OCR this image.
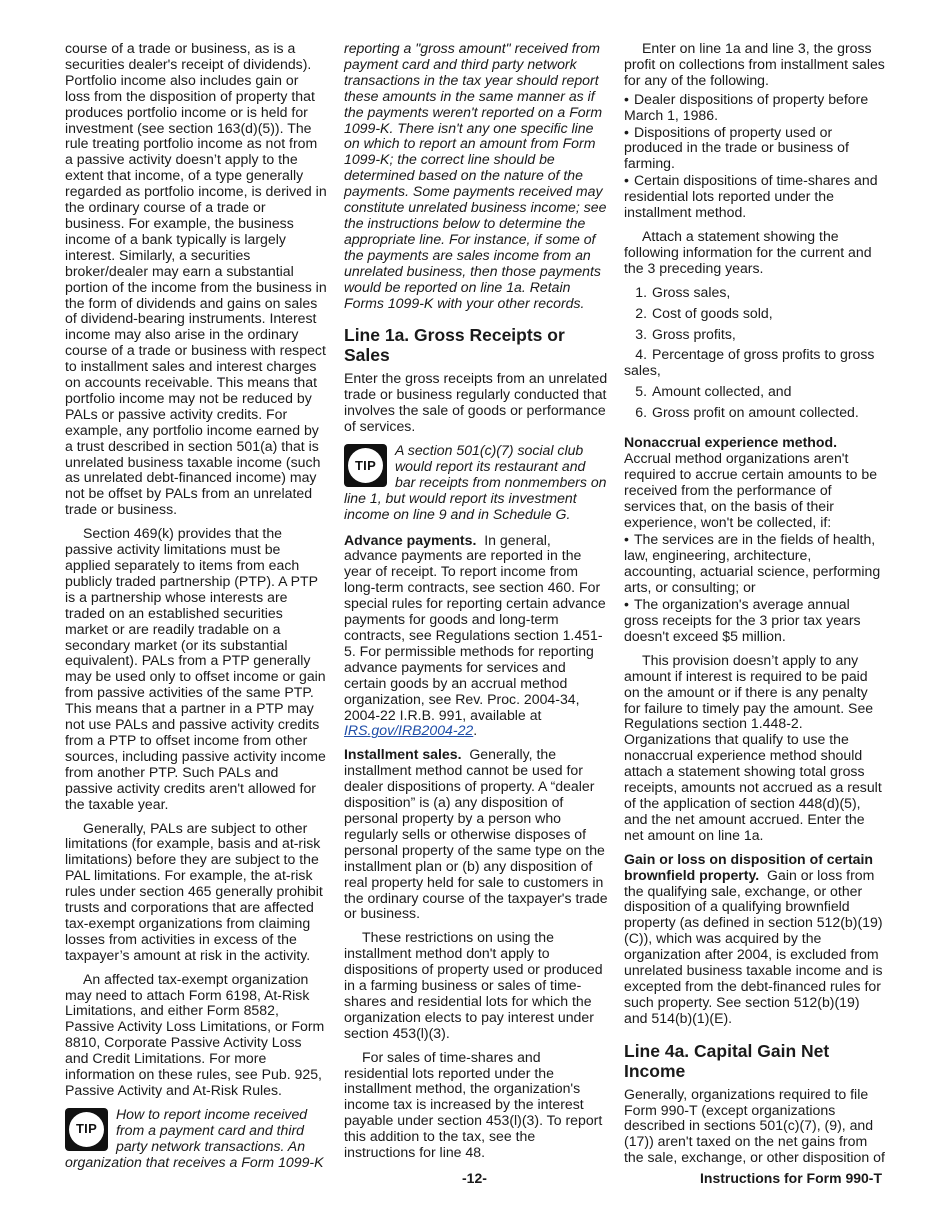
course of a trade or business, as is a securities dealer's receipt of dividends). Portfolio income also includes gain or loss from the disposition of property that produces portfolio income or is held for investment (see section 163(d)(5)). The rule treating portfolio income as not from a passive activity doesn’t apply to the extent that income, of a type generally regarded as portfolio income, is derived in the ordinary course of a trade or business. For example, the business income of a bank typically is largely interest. Similarly, a securities broker/dealer may earn a substantial portion of the income from the business in the form of dividends and gains on sales of dividend-bearing instruments. Interest income may also arise in the ordinary course of a trade or business with respect to installment sales and interest charges on accounts receivable. This means that portfolio income may not be reduced by PALs or passive activity credits. For example, any portfolio income earned by a trust described in section 501(a) that is unrelated business taxable income (such as unrelated debt-financed income) may not be offset by PALs from an unrelated trade or business.

Section 469(k) provides that the passive activity limitations must be applied separately to items from each publicly traded partnership (PTP). A PTP is a partnership whose interests are traded on an established securities market or are readily tradable on a secondary market (or its substantial equivalent). PALs from a PTP generally may be used only to offset income or gain from passive activities of the same PTP. This means that a partner in a PTP may not use PALs and passive activity credits from a PTP to offset income from other sources, including passive activity income from another PTP. Such PALs and passive activity credits aren't allowed for the taxable year.

Generally, PALs are subject to other limitations (for example, basis and at-risk limitations) before they are subject to the PAL limitations. For example, the at-risk rules under section 465 generally prohibit trusts and corporations that are affected tax-exempt organizations from claiming losses from activities in excess of the taxpayer’s amount at risk in the activity.

An affected tax-exempt organization may need to attach Form 6198, At-Risk Limitations, and either Form 8582, Passive Activity Loss Limitations, or Form 8810, Corporate Passive Activity Loss and Credit Limitations. For more information on these rules, see Pub. 925, Passive Activity and At-Risk Rules.

TIP
How to report income received from a payment card and third party network transactions. An organization that receives a Form 1099-K

reporting a "gross amount" received from payment card and third party network transactions in the tax year should report these amounts in the same manner as if the payments weren't reported on a Form 1099-K. There isn't any one specific line on which to report an amount from Form 1099-K; the correct line should be determined based on the nature of the payments. Some payments received may constitute unrelated business income; see the instructions below to determine the appropriate line. For instance, if some of the payments are sales income from an unrelated business, then those payments would be reported on line 1a. Retain Forms 1099-K with your other records.

Line 1a. Gross Receipts or Sales

Enter the gross receipts from an unrelated trade or business regularly conducted that involves the sale of goods or performance of services.

TIP
A section 501(c)(7) social club would report its restaurant and bar receipts from nonmembers on line 1, but would report its investment income on line 9 and in Schedule G.

Advance payments. In general, advance payments are reported in the year of receipt. To report income from long-term contracts, see section 460. For special rules for reporting certain advance payments for goods and long-term contracts, see Regulations section 1.451-5. For permissible methods for reporting advance payments for services and certain goods by an accrual method organization, see Rev. Proc. 2004-34, 2004-22 I.R.B. 991, available at IRS.gov/IRB2004-22.

Installment sales. Generally, the installment method cannot be used for dealer dispositions of property. A “dealer disposition” is (a) any disposition of personal property by a person who regularly sells or otherwise disposes of personal property of the same type on the installment plan or (b) any disposition of real property held for sale to customers in the ordinary course of the taxpayer's trade or business.

These restrictions on using the installment method don't apply to dispositions of property used or produced in a farming business or sales of time-shares and residential lots for which the organization elects to pay interest under section 453(l)(3).

For sales of time-shares and residential lots reported under the installment method, the organization's income tax is increased by the interest payable under section 453(l)(3). To report this addition to the tax, see the instructions for line 48.

Enter on line 1a and line 3, the gross profit on collections from installment sales for any of the following.

• Dealer dispositions of property before March 1, 1986.
• Dispositions of property used or produced in the trade or business of farming.
• Certain dispositions of time-shares and residential lots reported under the installment method.

Attach a statement showing the following information for the current and the 3 preceding years.

1. Gross sales,
2. Cost of goods sold,
3. Gross profits,
4. Percentage of gross profits to gross sales,
5. Amount collected, and
6. Gross profit on amount collected.

Nonaccrual experience method.
Accrual method organizations aren't required to accrue certain amounts to be received from the performance of services that, on the basis of their experience, won't be collected, if:

• The services are in the fields of health, law, engineering, architecture, accounting, actuarial science, performing arts, or consulting; or
• The organization's average annual gross receipts for the 3 prior tax years doesn't exceed $5 million.

This provision doesn’t apply to any amount if interest is required to be paid on the amount or if there is any penalty for failure to timely pay the amount. See Regulations section 1.448-2. Organizations that qualify to use the nonaccrual experience method should attach a statement showing total gross receipts, amounts not accrued as a result of the application of section 448(d)(5), and the net amount accrued. Enter the net amount on line 1a.

Gain or loss on disposition of certain brownfield property. Gain or loss from the qualifying sale, exchange, or other disposition of a qualifying brownfield property (as defined in section 512(b)(19)(C)), which was acquired by the organization after 2004, is excluded from unrelated business taxable income and is excepted from the debt-financed rules for such property. See section 512(b)(19) and 514(b)(1)(E).

Line 4a. Capital Gain Net Income

Generally, organizations required to file Form 990-T (except organizations described in sections 501(c)(7), (9), and (17)) aren't taxed on the net gains from the sale, exchange, or other disposition of

-12-	Instructions for Form 990-T
